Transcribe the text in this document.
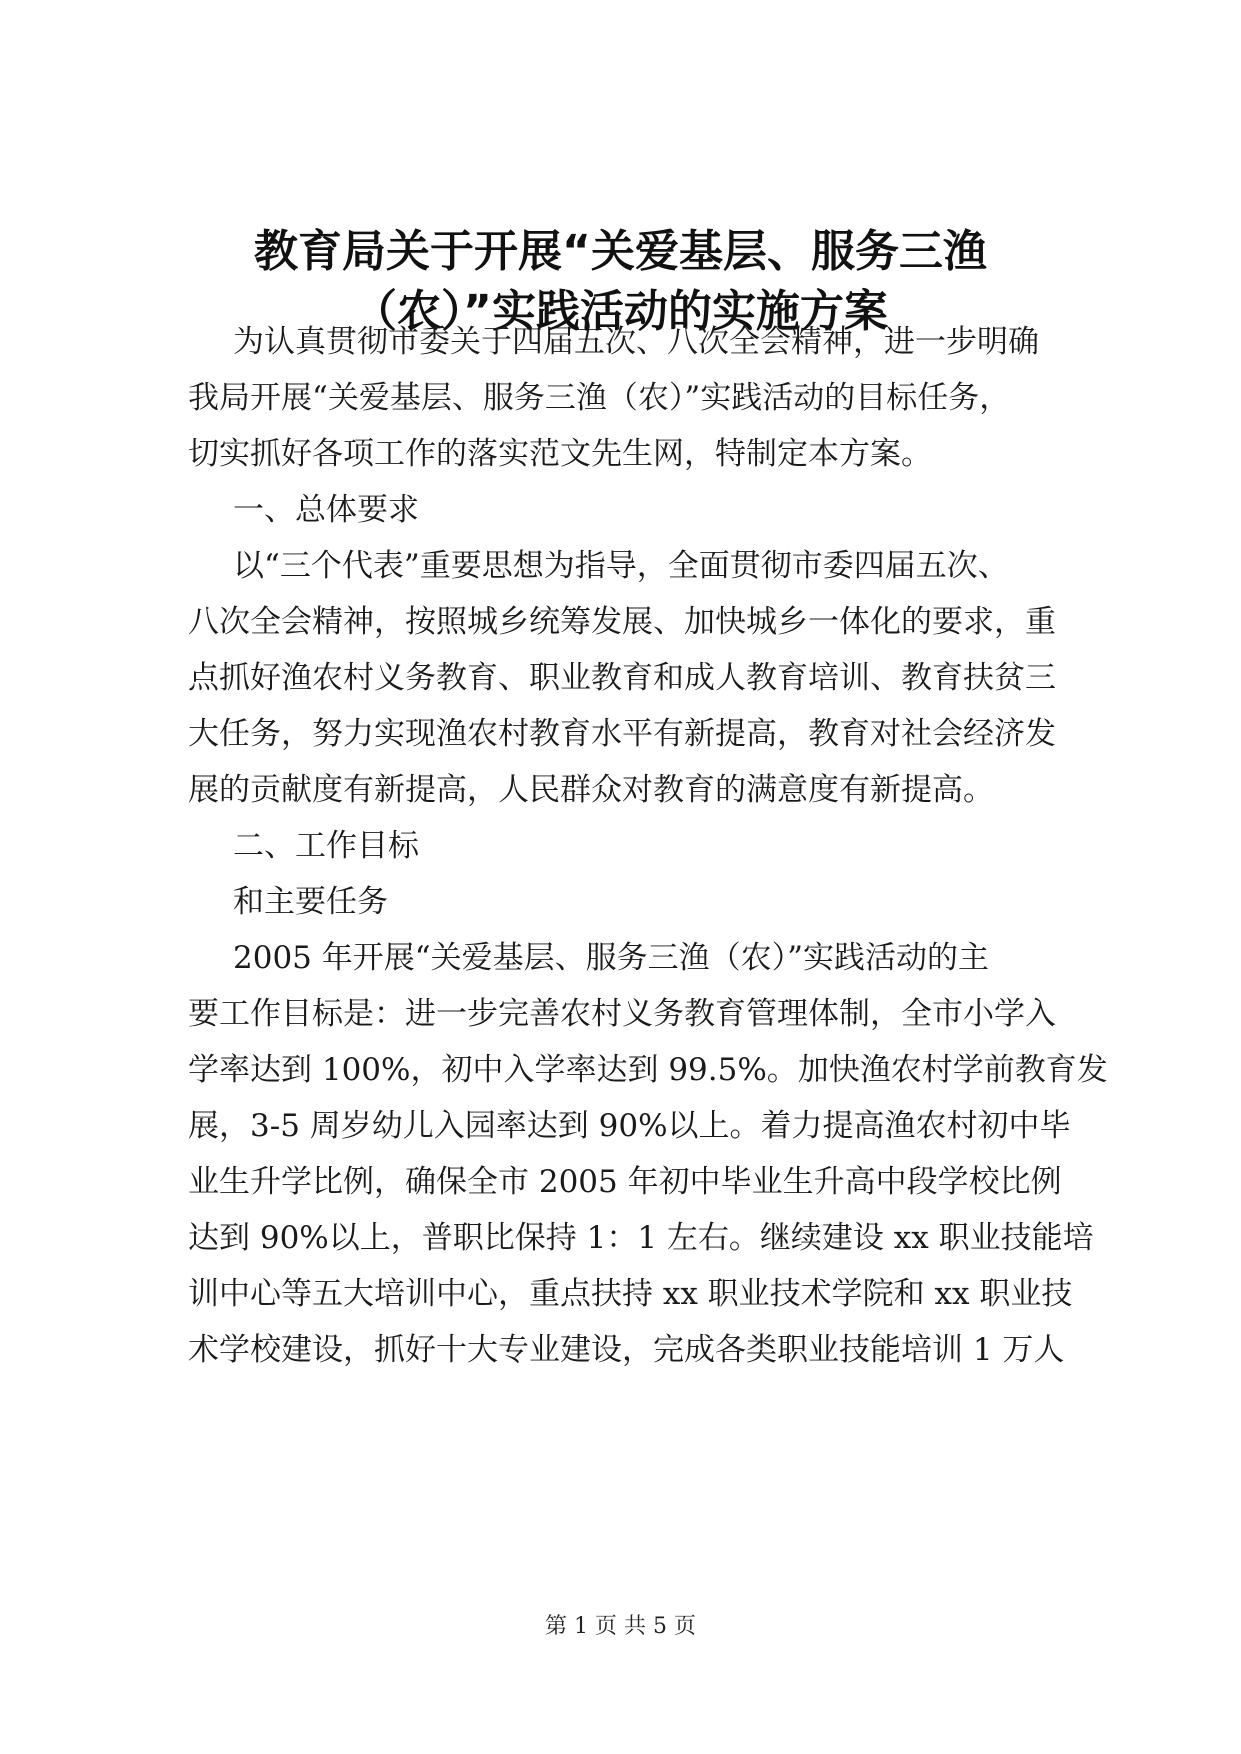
教育局关于开展“关爱基层、服务三渔
（农）”实践活动的实施方案
为认真贯彻市委关于四届五次、八次全会精神，进一步明确
我局开展“关爱基层、服务三渔（农）”实践活动的目标任务，
切实抓好各项工作的落实范文先生网，特制定本方案。
一、总体要求
以“三个代表”重要思想为指导，全面贯彻市委四届五次、
八次全会精神，按照城乡统筹发展、加快城乡一体化的要求，重
点抓好渔农村义务教育、职业教育和成人教育培训、教育扶贫三
大任务，努力实现渔农村教育水平有新提高，教育对社会经济发
展的贡献度有新提高，人民群众对教育的满意度有新提高。
二、工作目标
和主要任务
2005 年开展“关爱基层、服务三渔（农）”实践活动的主
要工作目标是：进一步完善农村义务教育管理体制，全市小学入
学率达到 100%，初中入学率达到 99.5%。加快渔农村学前教育发
展，3-5 周岁幼儿入园率达到 90%以上。着力提高渔农村初中毕
业生升学比例，确保全市 2005 年初中毕业生升高中段学校比例
达到 90%以上，普职比保持 1：1 左右。继续建设 xx 职业技能培
训中心等五大培训中心，重点扶持 xx 职业技术学院和 xx 职业技
术学校建设，抓好十大专业建设，完成各类职业技能培训 1 万人
第 1 页 共 5 页
